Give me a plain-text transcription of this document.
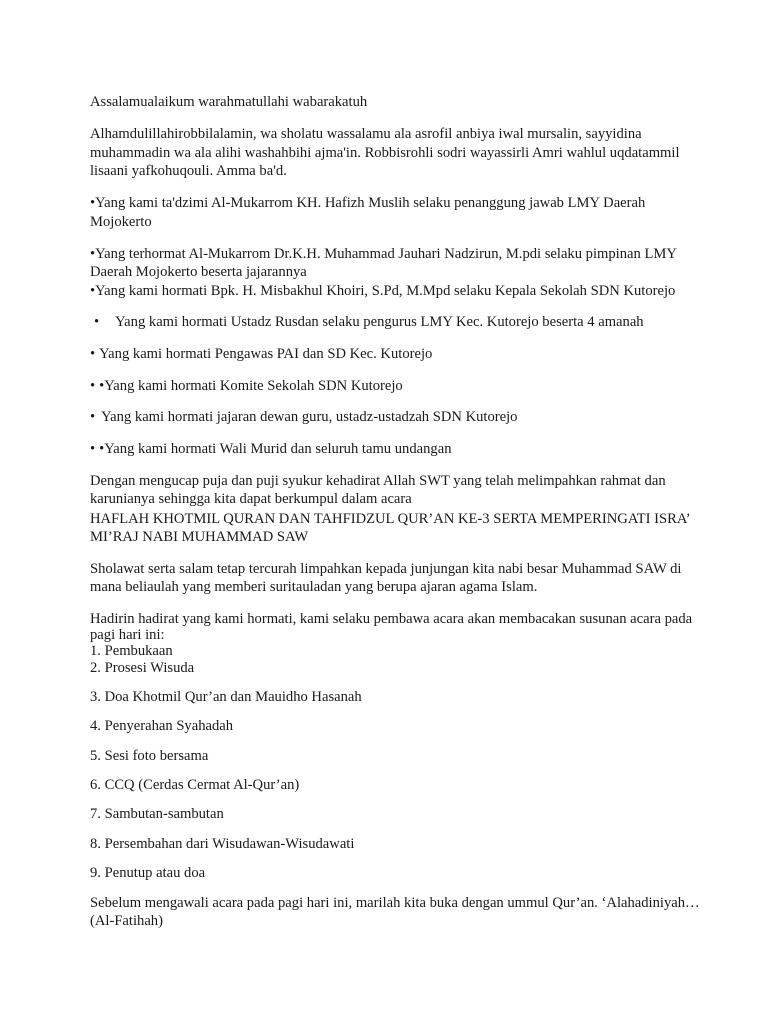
Assalamualaikum warahmatullahi wabarakatuh
Alhamdulillahirobbilalamin, wa sholatu wassalamu ala asrofil anbiya iwal mursalin, sayyidina
muhammadin wa ala alihi washahbihi ajma'in. Robbisrohli sodri wayassirli Amri wahlul uqdatammil
lisaani yafkohuqouli. Amma ba'd.
•Yang kami ta'dzimi Al-Mukarrom KH. Hafizh Muslih selaku penanggung jawab LMY Daerah
Mojokerto
•Yang terhormat Al-Mukarrom Dr.K.H. Muhammad Jauhari Nadzirun, M.pdi selaku pimpinan LMY
Daerah Mojokerto beserta jajarannya
•Yang kami hormati Bpk. H. Misbakhul Khoiri, S.Pd, M.Mpd selaku Kepala Sekolah SDN Kutorejo
• Yang kami hormati Ustadz Rusdan selaku pengurus LMY Kec. Kutorejo beserta 4 amanah
• Yang kami hormati Pengawas PAI dan SD Kec. Kutorejo
• •Yang kami hormati Komite Sekolah SDN Kutorejo
• Yang kami hormati jajaran dewan guru, ustadz-ustadzah SDN Kutorejo
• •Yang kami hormati Wali Murid dan seluruh tamu undangan
Dengan mengucap puja dan puji syukur kehadirat Allah SWT yang telah melimpahkan rahmat dan
karunianya sehingga kita dapat berkumpul dalam acara
HAFLAH KHOTMIL QURAN DAN TAHFIDZUL QUR’AN KE-3 SERTA MEMPERINGATI ISRA’
MI’RAJ NABI MUHAMMAD SAW
Sholawat serta salam tetap tercurah limpahkan kepada junjungan kita nabi besar Muhammad SAW di
mana beliaulah yang memberi suritauladan yang berupa ajaran agama Islam.
Hadirin hadirat yang kami hormati, kami selaku pembawa acara akan membacakan susunan acara pada
pagi hari ini:
1. Pembukaan
2. Prosesi Wisuda
3. Doa Khotmil Qur’an dan Mauidho Hasanah
4. Penyerahan Syahadah
5. Sesi foto bersama
6. CCQ (Cerdas Cermat Al-Qur’an)
7. Sambutan-sambutan
8. Persembahan dari Wisudawan-Wisudawati
9. Penutup atau doa
Sebelum mengawali acara pada pagi hari ini, marilah kita buka dengan ummul Qur’an. ‘Alahadiniyah…
(Al-Fatihah)
